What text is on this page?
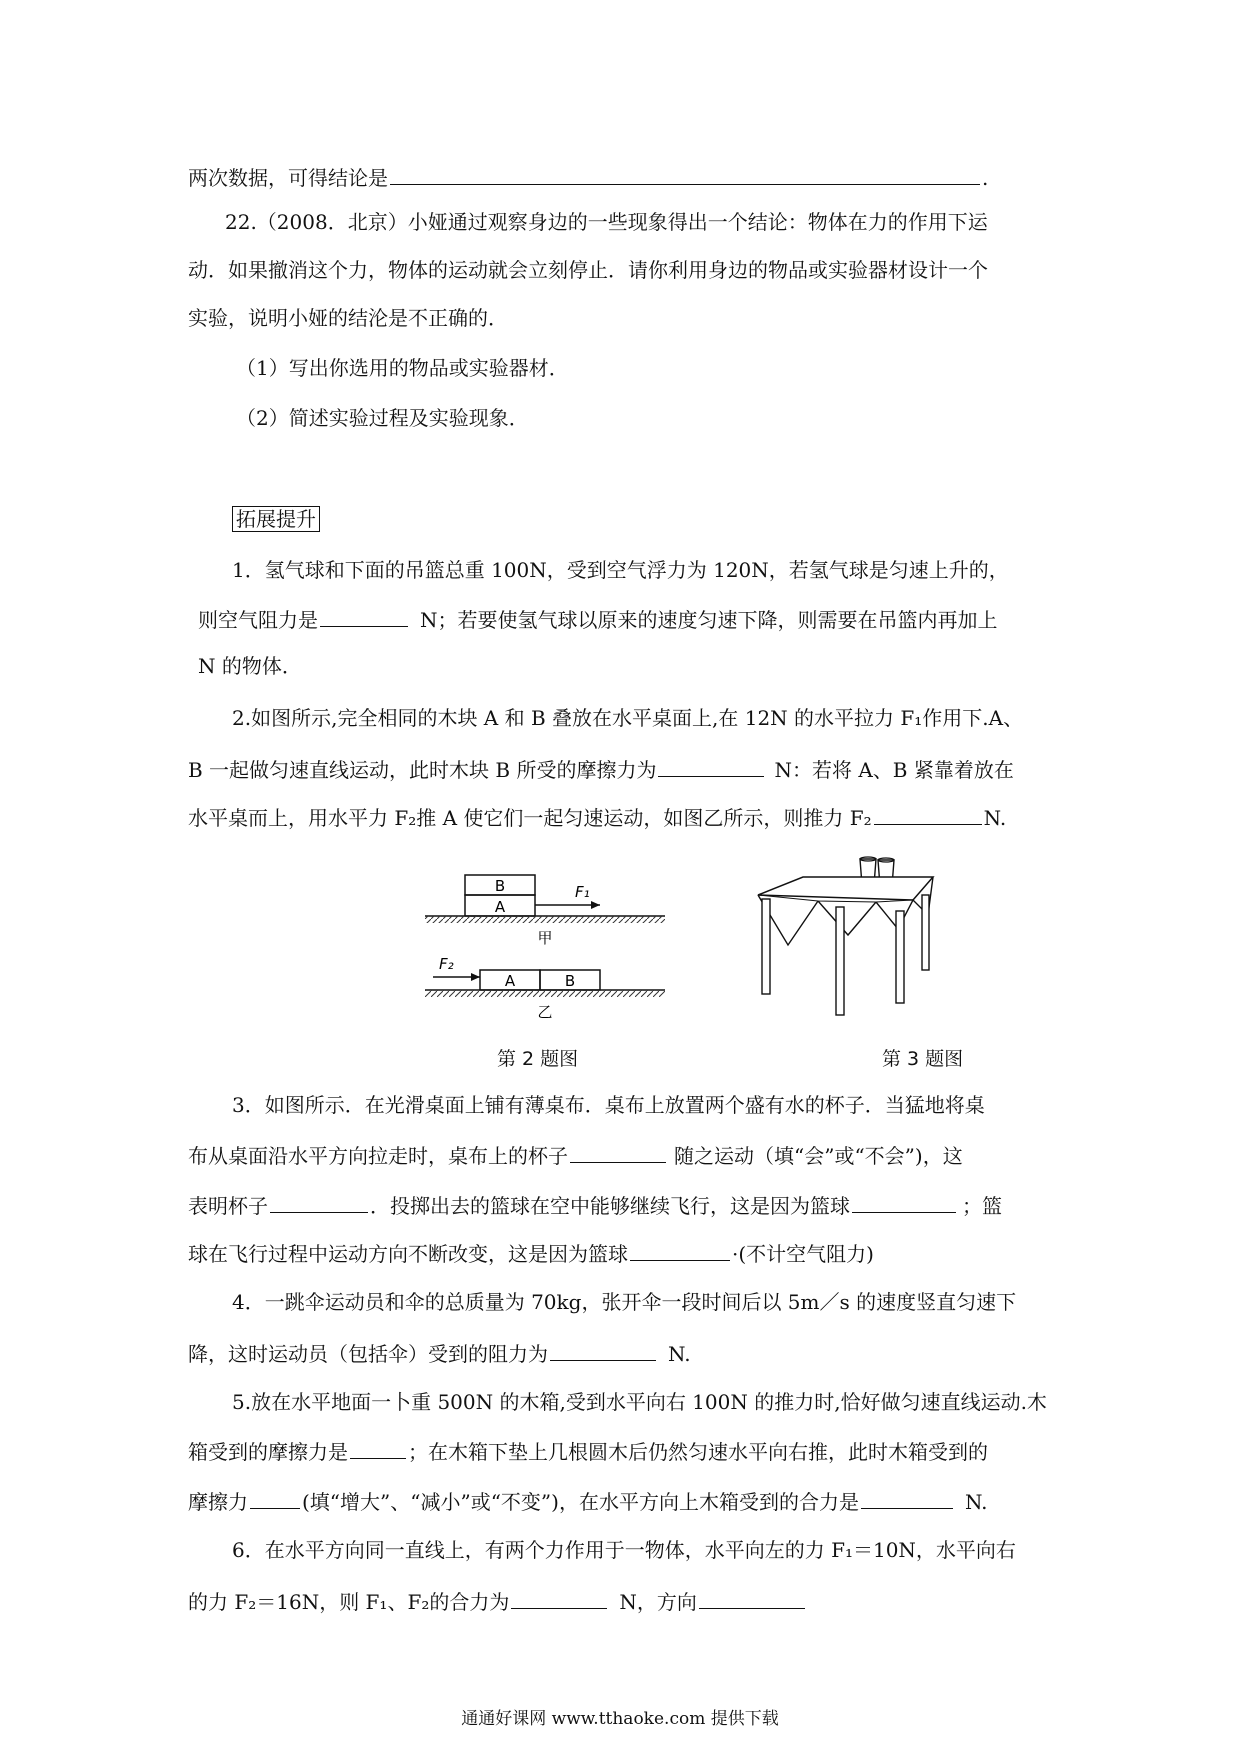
两次数据，可得结论是	.
22.（2008．北京）小娅通过观察身边的一些现象得出一个结论：物体在力的作用下运
动．如果撤消这个力，物体的运动就会立刻停止．请你利用身边的物品或实验器材设计一个
实验，说明小娅的结沦是不正确的．
（1）写出你选用的物品或实验器材．
（2）简述实验过程及实验现象．
拓展提升
1．氢气球和下面的吊篮总重 100N，受到空气浮力为 120N，若氢气球是匀速上升的，
则空气阻力是	N；若要使氢气球以原来的速度匀速下降，则需要在吊篮内再加上
N 的物体．
2.如图所示,完全相同的木块 A 和 B 叠放在水平桌面上,在 12N 的水平拉力 F₁作用下.A、
B 一起做匀速直线运动，此时木块 B 所受的摩擦力为	N：若将 A、B 紧靠着放在
水平桌而上，用水平力 F₂推 A 使它们一起匀速运动，如图乙所示，则推力 F₂	N.
B
A
F₁
甲
A	B
F₂
乙
第 2 题图	第 3 题图
3．如图所示．在光滑桌面上铺有薄桌布．桌布上放置两个盛有水的杯子．当猛地将桌
布从桌面沿水平方向拉走时，桌布上的杯子	随之运动（填“会”或“不会”)，这
表明杯子	．投掷出去的篮球在空中能够继续飞行，这是因为篮球	；篮
球在飞行过程中运动方向不断改变，这是因为篮球	·(不计空气阻力)
4．一跳伞运动员和伞的总质量为 70kg，张开伞一段时间后以 5m／s 的速度竖直匀速下
降，这时运动员（包括伞）受到的阻力为	N.
5.放在水平地面一卜重 500N 的木箱,受到水平向右 100N 的推力时,恰好做匀速直线运动.木
箱受到的摩擦力是	；在木箱下垫上几根圆木后仍然匀速水平向右推，此时木箱受到的
摩擦力	(填“增大”、“减小”或“不变”)，在水平方向上木箱受到的合力是	N.
6．在水平方向同一直线上，有两个力作用于一物体，水平向左的力 F₁＝10N，水平向右
的力 F₂＝16N，则 F₁、F₂的合力为	N，方向
通通好课网 www.tthaoke.com 提供下载
